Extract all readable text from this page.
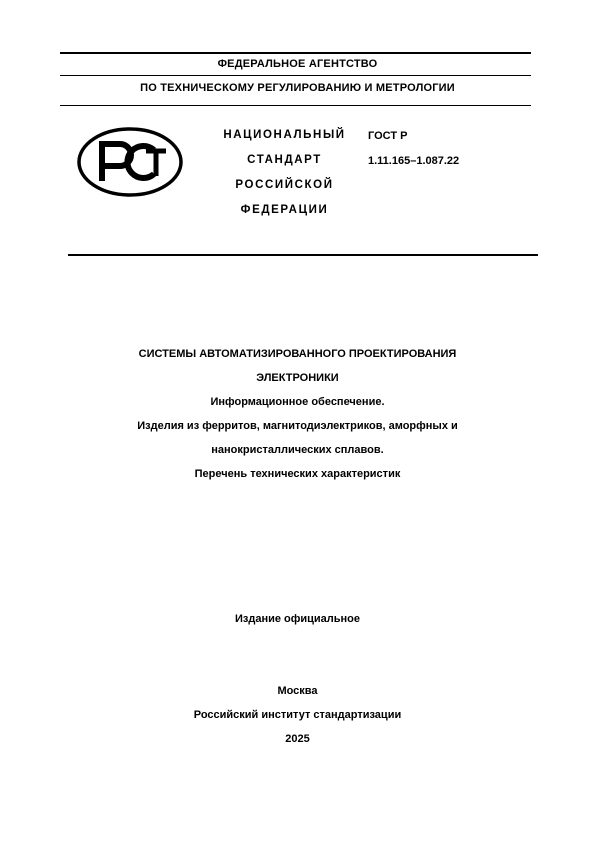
ФЕДЕРАЛЬНОЕ АГЕНТСТВО
ПО ТЕХНИЧЕСКОМУ РЕГУЛИРОВАНИЮ И МЕТРОЛОГИИ
НАЦИОНАЛЬНЫЙ
СТАНДАРТ
РОССИЙСКОЙ
ФЕДЕРАЦИИ
ГОСТ Р
1.11.165–1.087.22
СИСТЕМЫ АВТОМАТИЗИРОВАННОГО ПРОЕКТИРОВАНИЯ
ЭЛЕКТРОНИКИ
Информационное обеспечение.
Изделия из ферритов, магнитодиэлектриков, аморфных и
нанокристаллических сплавов.
Перечень технических характеристик
Издание официальное
Москва
Российский институт стандартизации
2025
